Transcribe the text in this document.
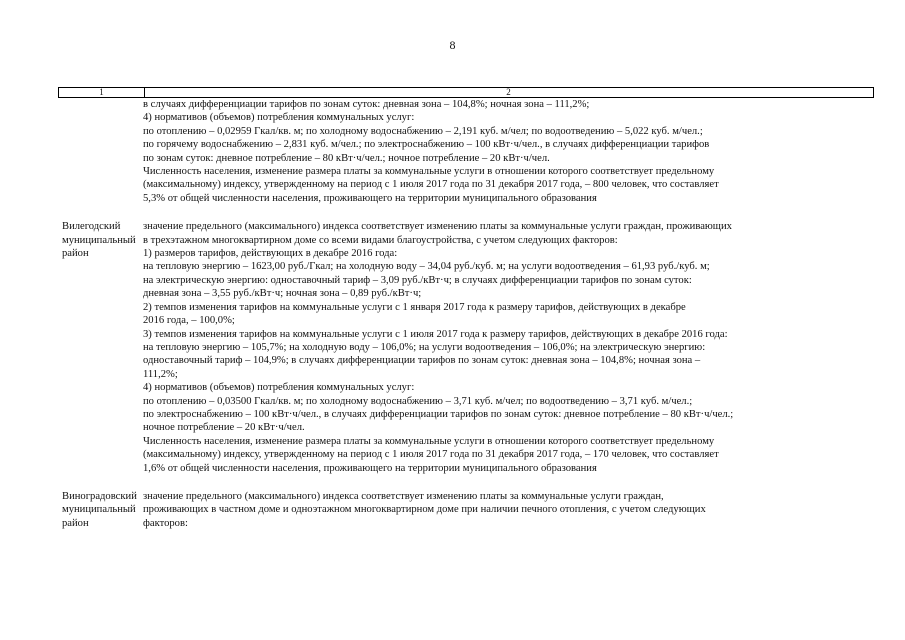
8
1	2
в случаях дифференциации тарифов по зонам суток: дневная зона – 104,8%; ночная зона – 111,2%;
4) нормативов (объемов) потребления коммунальных услуг:
по отоплению – 0,02959 Гкал/кв. м; по холодному водоснабжению – 2,191 куб. м/чел; по водоотведению – 5,022 куб. м/чел.;
по горячему водоснабжению – 2,831 куб. м/чел.; по электроснабжению – 100 кВт·ч/чел., в случаях дифференциации тарифов
по зонам суток: дневное потребление – 80 кВт·ч/чел.; ночное потребление – 20 кВт·ч/чел.
Численность населения, изменение размера платы за коммунальные услуги в отношении которого соответствует предельному
(максимальному) индексу, утвержденному на период с 1 июля 2017 года по 31 декабря 2017 года, – 800 человек, что составляет
5,3% от общей численности населения, проживающего на территории муниципального образования
Вилегодский
муниципальный
район
значение предельного (максимального) индекса соответствует изменению платы за коммунальные услуги граждан, проживающих
в трехэтажном многоквартирном доме со всеми видами благоустройства, с учетом следующих факторов:
1) размеров тарифов, действующих в декабре 2016 года:
на тепловую энергию – 1623,00 руб./Гкал; на холодную воду – 34,04 руб./куб. м; на услуги водоотведения – 61,93 руб./куб. м;
на электрическую энергию: одноставочный тариф – 3,09 руб./кВт·ч; в случаях дифференциации тарифов по зонам суток:
дневная зона – 3,55 руб./кВт·ч; ночная зона – 0,89 руб./кВт·ч;
2) темпов изменения тарифов на коммунальные услуги с 1 января 2017 года к размеру тарифов, действующих в декабре
2016 года, – 100,0%;
3) темпов изменения тарифов на коммунальные услуги с 1 июля 2017 года к размеру тарифов, действующих в декабре 2016 года:
на тепловую энергию – 105,7%; на холодную воду – 106,0%; на услуги водоотведения – 106,0%; на электрическую энергию:
одноставочный тариф – 104,9%; в случаях дифференциации тарифов по зонам суток: дневная зона – 104,8%; ночная зона –
111,2%;
4) нормативов (объемов) потребления коммунальных услуг:
по отоплению – 0,03500 Гкал/кв. м; по холодному водоснабжению – 3,71 куб. м/чел; по водоотведению – 3,71 куб. м/чел.;
по электроснабжению – 100 кВт·ч/чел., в случаях дифференциации тарифов по зонам суток: дневное потребление – 80 кВт·ч/чел.;
ночное потребление – 20 кВт·ч/чел.
Численность населения, изменение размера платы за коммунальные услуги в отношении которого соответствует предельному
(максимальному) индексу, утвержденному на период с 1 июля 2017 года по 31 декабря 2017 года, – 170 человек, что составляет
1,6% от общей численности населения, проживающего на территории муниципального образования
Виноградовский
муниципальный
район
значение предельного (максимального) индекса соответствует изменению платы за коммунальные услуги граждан,
проживающих в частном доме и одноэтажном многоквартирном доме при наличии печного отопления, с учетом следующих
факторов:
